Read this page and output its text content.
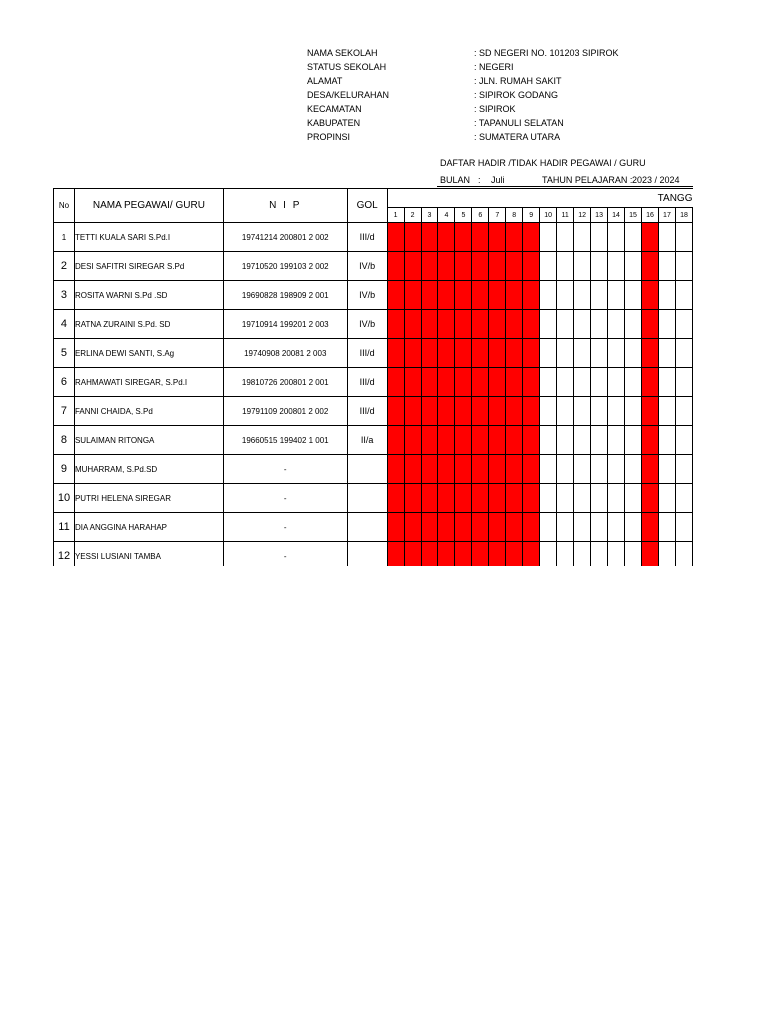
NAMA SEKOLAH	: SD NEGERI NO. 101203 SIPIROK
STATUS SEKOLAH	: NEGERI
ALAMAT	: JLN. RUMAH SAKIT
DESA/KELURAHAN	: SIPIROK GODANG
KECAMATAN	: SIPIROK
KABUPATEN	: TAPANULI SELATAN
PROPINSI	: SUMATERA UTARA
DAFTAR HADIR /TIDAK HADIR PEGAWAI / GURU
BULAN : Juli	TAHUN PELAJARAN : 2023 / 2024
No	NAMA PEGAWAI/ GURU	N I P	GOL	TANGG																	
				1	2	3	4	5	6	7	8	9	10	11	12	13	14	15	16	17	18
1	TETTI KUALA SARI S.Pd.I	19741214 200801 2 002	III/d																		
2	DESI SAFITRI SIREGAR S.Pd	19710520 199103 2 002	IV/b																		
3	ROSITA WARNI S.Pd .SD	19690828 198909 2 001	IV/b																		
4	RATNA ZURAINI S.Pd. SD	19710914 199201 2 003	IV/b																		
5	ERLINA DEWI SANTI, S.Ag	19740908 20081 2 003	III/d																		
6	RAHMAWATI SIREGAR, S.Pd.I	19810726 200801 2 001	III/d																		
7	FANNI CHAIDA, S.Pd	19791109 200801 2 002	III/d																		
8	SULAIMAN RITONGA	19660515 199402 1 001	II/a																		
9	MUHARRAM, S.Pd.SD	-																			
10	PUTRI HELENA SIREGAR	-																			
11	DIA ANGGINA HARAHAP	-																			
12	YESSI LUSIANI TAMBA	-																			
